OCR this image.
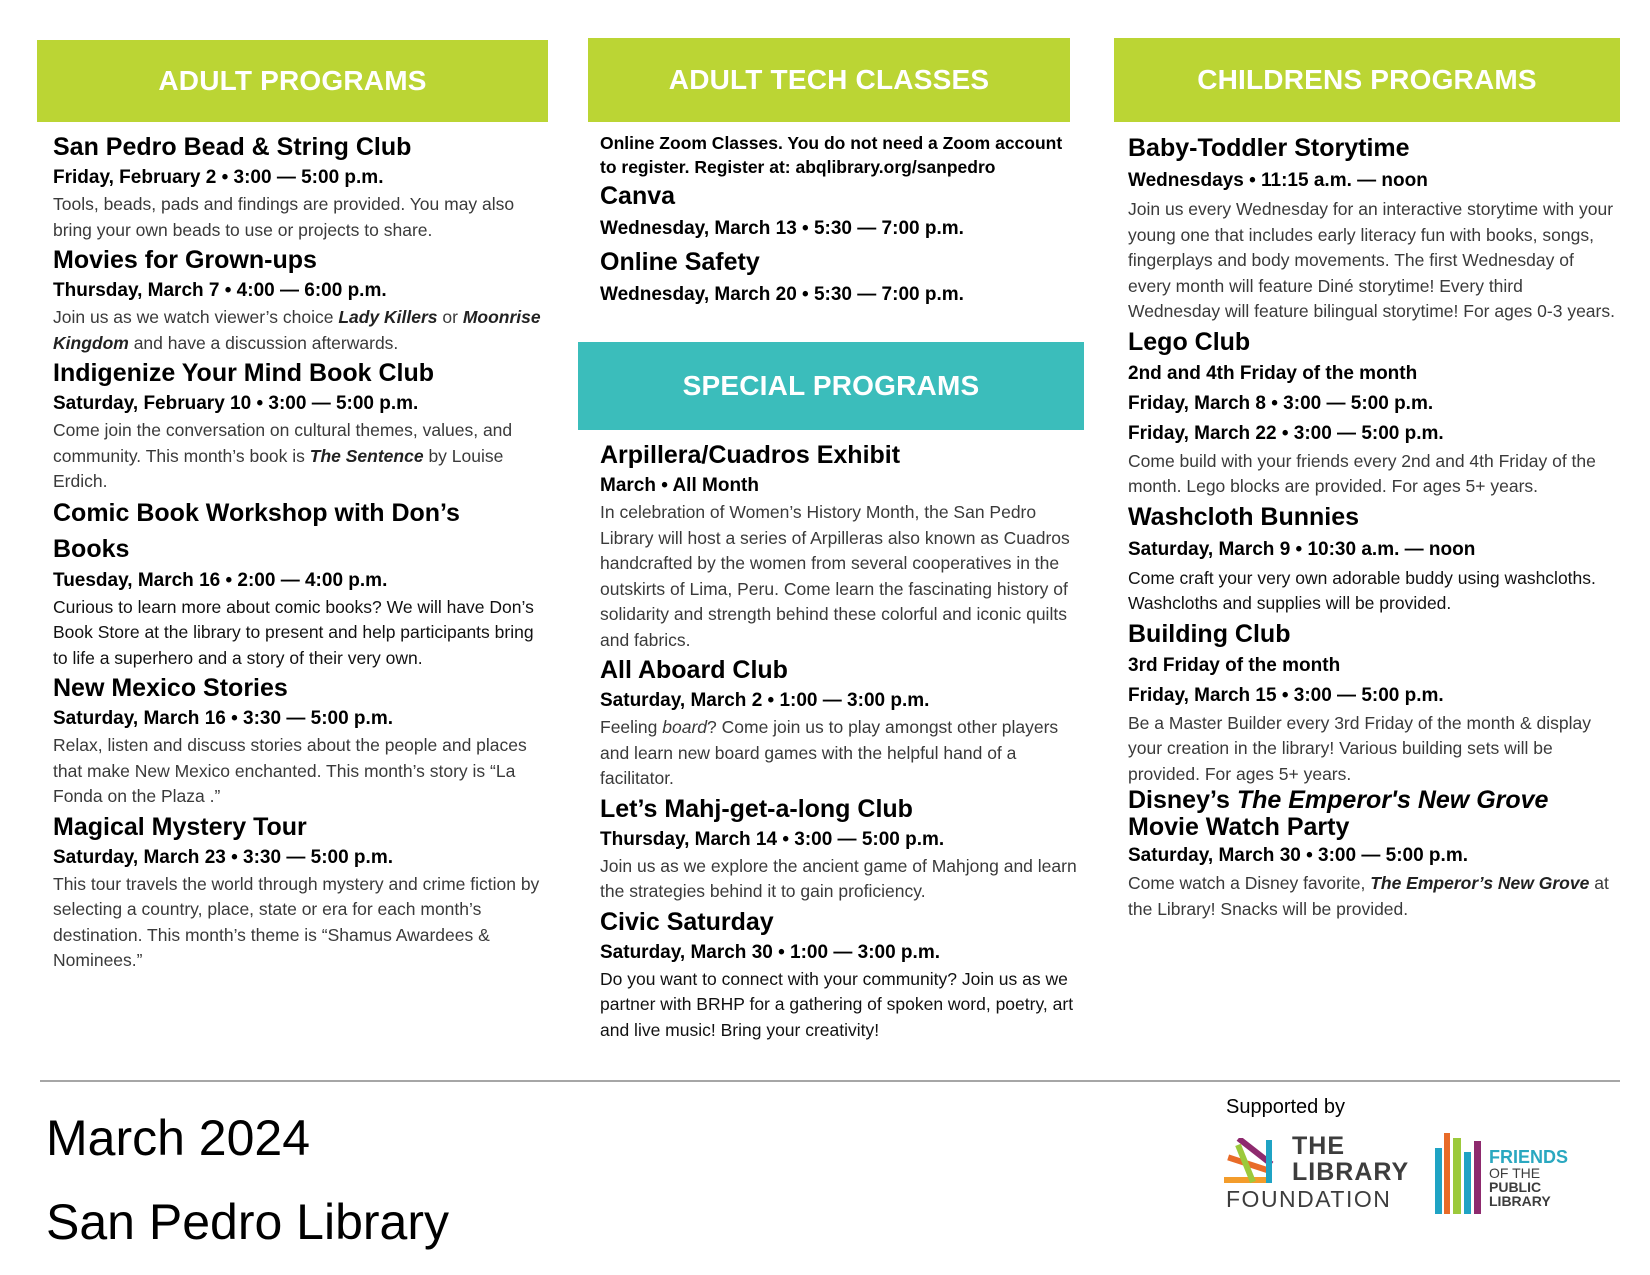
ADULT PROGRAMS	ADULT TECH CLASSES	CHILDRENS PROGRAMS
SPECIAL PROGRAMS
San Pedro Bead & String Club
Friday, February 2 • 3:00 — 5:00 p.m.
Tools, beads, pads and findings are provided. You may also bring your own beads to use or projects to share.
Movies for Grown-ups
Thursday, March 7 • 4:00 — 6:00 p.m.
Join us as we watch viewer’s choice Lady Killers or Moonrise Kingdom and have a discussion afterwards.
Indigenize Your Mind Book Club
Saturday, February 10 • 3:00 — 5:00 p.m.
Come join the conversation on cultural themes, values, and community. This month’s book is The Sentence by Louise Erdich.
Comic Book Workshop with Don’s Books
Tuesday, March 16 • 2:00 — 4:00 p.m.
Curious to learn more about comic books? We will have Don’s Book Store at the library to present and help participants bring to life a superhero and a story of their very own.
New Mexico Stories
Saturday, March 16 • 3:30 — 5:00 p.m.
Relax, listen and discuss stories about the people and places that make New Mexico enchanted. This month’s story is “La Fonda on the Plaza .”
Magical Mystery Tour
Saturday, March 23 • 3:30 — 5:00 p.m.
This tour travels the world through mystery and crime fiction by selecting a country, place, state or era for each month’s destination. This month’s theme is “Shamus Awardees & Nominees.”
Online Zoom Classes. You do not need a Zoom account to register. Register at: abqlibrary.org/sanpedro
Canva
Wednesday, March 13 • 5:30 — 7:00 p.m.
Online Safety
Wednesday, March 20 • 5:30 — 7:00 p.m.
Arpillera/Cuadros Exhibit
March • All Month
In celebration of Women’s History Month, the San Pedro Library will host a series of Arpilleras also known as Cuadros handcrafted by the women from several cooperatives in the outskirts of Lima, Peru. Come learn the fascinating history of solidarity and strength behind these colorful and iconic quilts and fabrics.
All Aboard Club
Saturday, March 2 • 1:00 — 3:00 p.m.
Feeling board? Come join us to play amongst other players and learn new board games with the helpful hand of a facilitator.
Let’s Mahj-get-a-long Club
Thursday, March 14 • 3:00 — 5:00 p.m.
Join us as we explore the ancient game of Mahjong and learn the strategies behind it to gain proficiency.
Civic Saturday
Saturday, March 30 • 1:00 — 3:00 p.m.
Do you want to connect with your community? Join us as we partner with BRHP for a gathering of spoken word, poetry, art and live music! Bring your creativity!
Baby-Toddler Storytime
Wednesdays • 11:15 a.m. — noon
Join us every Wednesday for an interactive storytime with your young one that includes early literacy fun with books, songs, fingerplays and body movements. The first Wednesday of every month will feature Diné storytime! Every third Wednesday will feature bilingual storytime! For ages 0-3 years.
Lego Club
2nd and 4th Friday of the month
Friday, March 8 • 3:00 — 5:00 p.m.
Friday, March 22 • 3:00 — 5:00 p.m.
Come build with your friends every 2nd and 4th Friday of the month. Lego blocks are provided. For ages 5+ years.
Washcloth Bunnies
Saturday, March 9 • 10:30 a.m. — noon
Come craft your very own adorable buddy using washcloths. Washcloths and supplies will be provided.
Building Club
3rd Friday of the month
Friday, March 15 • 3:00 — 5:00 p.m.
Be a Master Builder every 3rd Friday of the month & display your creation in the library! Various building sets will be provided. For ages 5+ years.
Disney’s The Emperor's New Grove
Movie Watch Party
Saturday, March 30 • 3:00 — 5:00 p.m.
Come watch a Disney favorite, The Emperor’s New Grove at the Library! Snacks will be provided.
March 2024
San Pedro Library
Supported by
THE
LIBRARY
FOUNDATION
FRIENDS
OF THE
PUBLIC
LIBRARY
